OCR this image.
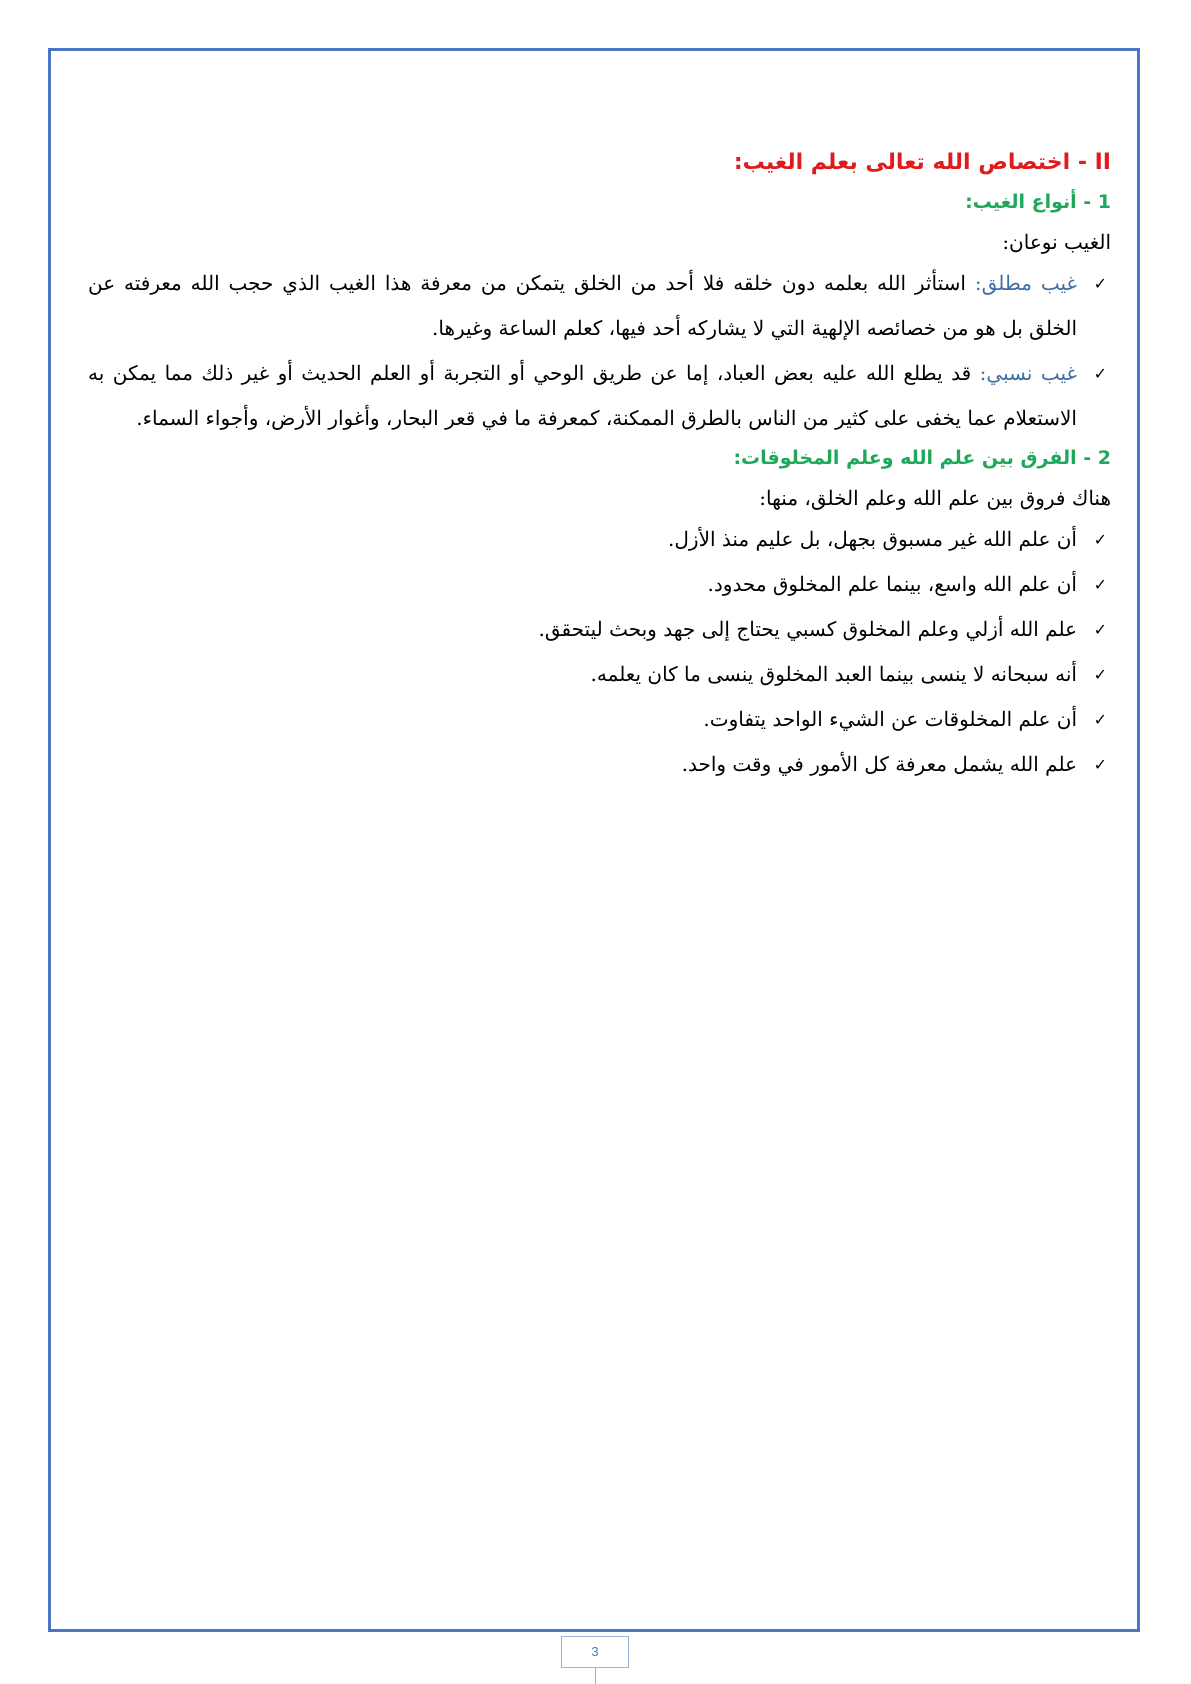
II - اختصاص الله تعالى بعلم الغيب:
1 - أنواع الغيب:

الغيب نوعان:

✓
غيب مطلق: استأثر الله بعلمه دون خلقه فلا أحد من الخلق يتمكن من معرفة هذا الغيب الذي حجب الله معرفته عن الخلق بل هو من خصائصه الإلهية التي لا يشاركه أحد فيها، كعلم الساعة وغيرها.
✓
غيب نسبي: قد يطلع الله عليه بعض العباد، إما عن طريق الوحي أو التجربة أو العلم الحديث أو غير ذلك مما يمكن به الاستعلام عما يخفى على كثير من الناس بالطرق الممكنة، كمعرفة ما في قعر البحار، وأغوار الأرض، وأجواء السماء.
2 - الفرق بين علم الله وعلم المخلوقات:

هناك فروق بين علم الله وعلم الخلق، منها:

✓
أن علم الله غير مسبوق بجهل، بل عليم منذ الأزل.
✓
أن علم الله واسع، بينما علم المخلوق محدود.
✓
علم الله أزلي وعلم المخلوق كسبي يحتاج إلى جهد وبحث ليتحقق.
✓
أنه سبحانه لا ينسى بينما العبد المخلوق ينسى ما كان يعلمه.
✓
أن علم المخلوقات عن الشيء الواحد يتفاوت.
✓
علم الله يشمل معرفة كل الأمور في وقت واحد.
3
